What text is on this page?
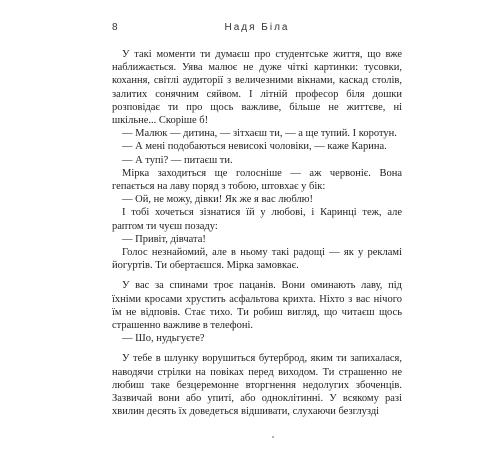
8	Надя Біла

У такі моменти ти думаєш про студентське життя, що вже наближається. Уява малює не дуже чіткі картинки: тусовки, кохання, світлі аудиторії з величезними вікнами, каскад столів, залитих сонячним сяйвом. І літній професор біля дошки розповідає ти про щось важливе, більше не життєве, ні шкільне... Скоріше б!

— Малюк — дитина, — зітхаєш ти, — а ще тупий. І коротун.

— А мені подобаються невисокі чоловіки, — каже Карина.

— А тупі? — питаєш ти.

Мірка заходиться ще голосніше — аж червоніє. Вона гепається на лаву поряд з тобою, штовхає у бік:

— Ой, не можу, дівки! Як же я вас люблю!

І тобі хочеться зізнатися їй у любові, і Каринці теж, але раптом ти чуєш позаду:

— Привіт, дівчата!

Голос незнайомий, але в ньому такі радощі — як у рекламі йогуртів. Ти обертаєшся. Мірка замовкає.

У вас за спинами троє пацанів. Вони оминають лаву, під їхніми кросами хрустить асфальтова крихта. Ніхто з вас нічого їм не відповів. Стає тихо. Ти робиш вигляд, що читаєш щось страшенно важливе в телефоні.

— Шо, нудьгуєте?

У тебе в шлунку ворушиться бутерброд, яким ти запихалася, наводячи стрілки на повіках перед виходом. Ти страшенно не любиш таке безцеремонне вторгнення недолугих збоченців. Зазвичай вони або упиті, або одноклітинні. У всякому разі хвилин десять їх доведеться відшивати, слухаючи безглузді
